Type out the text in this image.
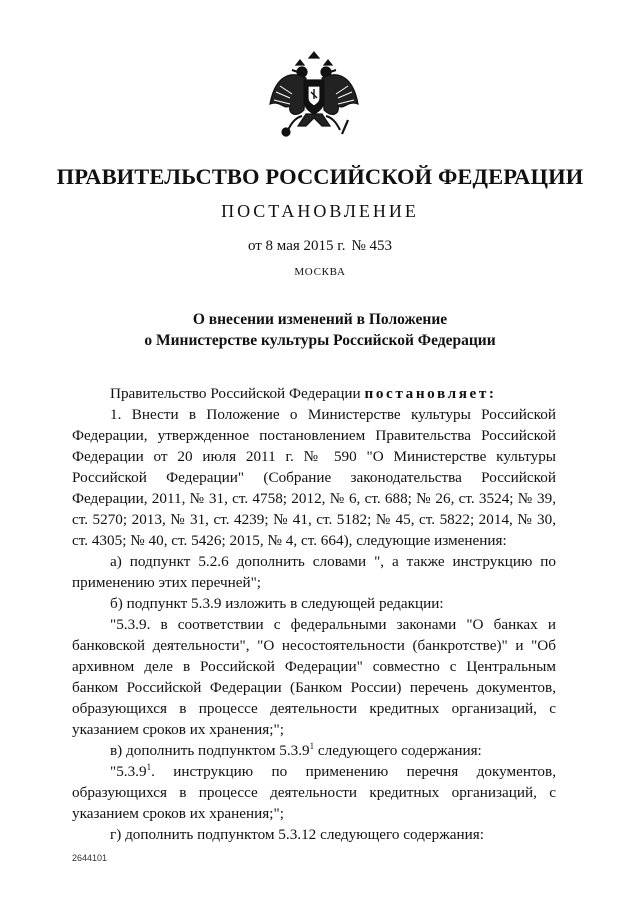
ПРАВИТЕЛЬСТВО РОССИЙСКОЙ ФЕДЕРАЦИИ
ПОСТАНОВЛЕНИЕ
от 8 мая 2015 г. № 453
МОСКВА
О внесении изменений в Положение
о Министерстве культуры Российской Федерации
Правительство Российской Федерации постановляет:
1. Внести в Положение о Министерстве культуры Российской Федерации, утвержденное постановлением Правительства Российской Федерации от 20 июля 2011 г. № 590 "О Министерстве культуры Российской Федерации" (Собрание законодательства Российской Федерации, 2011, № 31, ст. 4758; 2012, № 6, ст. 688; № 26, ст. 3524; № 39, ст. 5270; 2013, № 31, ст. 4239; № 41, ст. 5182; № 45, ст. 5822; 2014, № 30, ст. 4305; № 40, ст. 5426; 2015, № 4, ст. 664), следующие изменения:
а) подпункт 5.2.6 дополнить словами ", а также инструкцию по применению этих перечней";
б) подпункт 5.3.9 изложить в следующей редакции:
"5.3.9. в соответствии с федеральными законами "О банках и банковской деятельности", "О несостоятельности (банкротстве)" и "Об архивном деле в Российской Федерации" совместно с Центральным банком Российской Федерации (Банком России) перечень документов, образующихся в процессе деятельности кредитных организаций, с указанием сроков их хранения;";
в) дополнить подпунктом 5.3.9$^1$ следующего содержания:
"5.3.9$^1$. инструкцию по применению перечня документов, образующихся в процессе деятельности кредитных организаций, с указанием сроков их хранения;";
г) дополнить подпунктом 5.3.12 следующего содержания:
2644101
